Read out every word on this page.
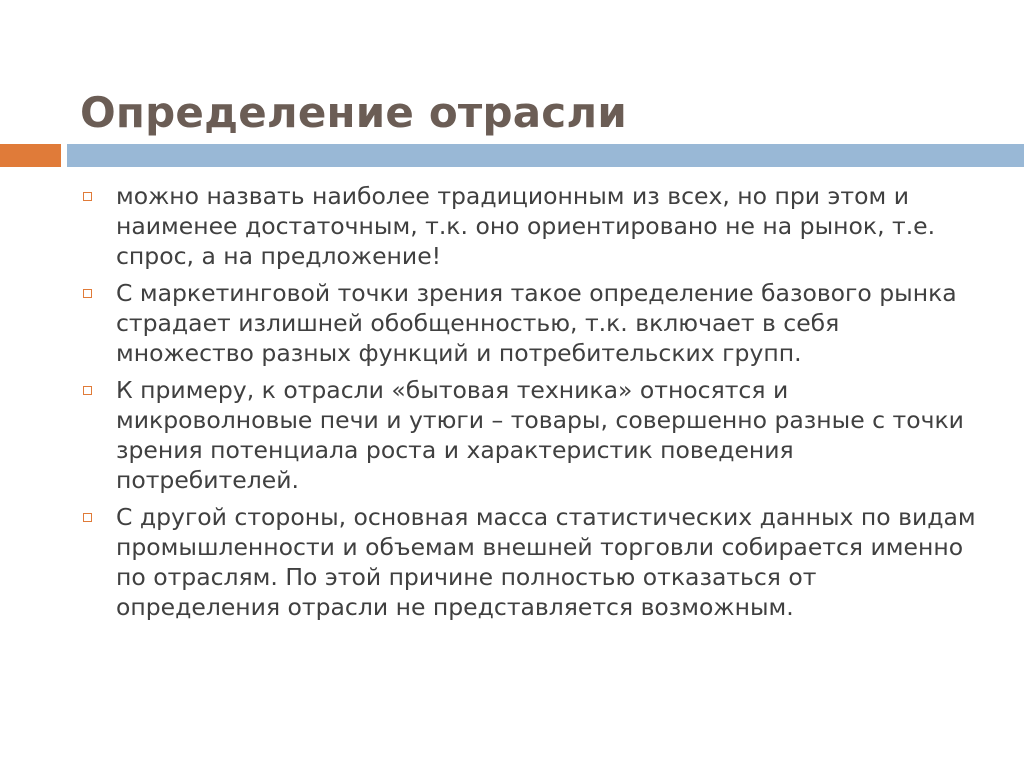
Определение отрасли
можно назвать наиболее традиционным из всех, но при этом и наименее достаточным, т.к. оно ориентировано не на рынок, т.е. спрос, а на предложение!
С маркетинговой точки зрения такое определение базового рынка страдает излишней обобщенностью, т.к. включает в себя множество разных функций и потребительских групп.
К примеру, к отрасли «бытовая техника» относятся и микроволновые печи и утюги – товары, совершенно разные с точки зрения потенциала роста и характеристик поведения потребителей.
С другой стороны, основная масса статистических данных по видам промышленности и объемам внешней торговли собирается именно по отраслям. По этой причине полностью отказаться от определения отрасли не представляется возможным.
